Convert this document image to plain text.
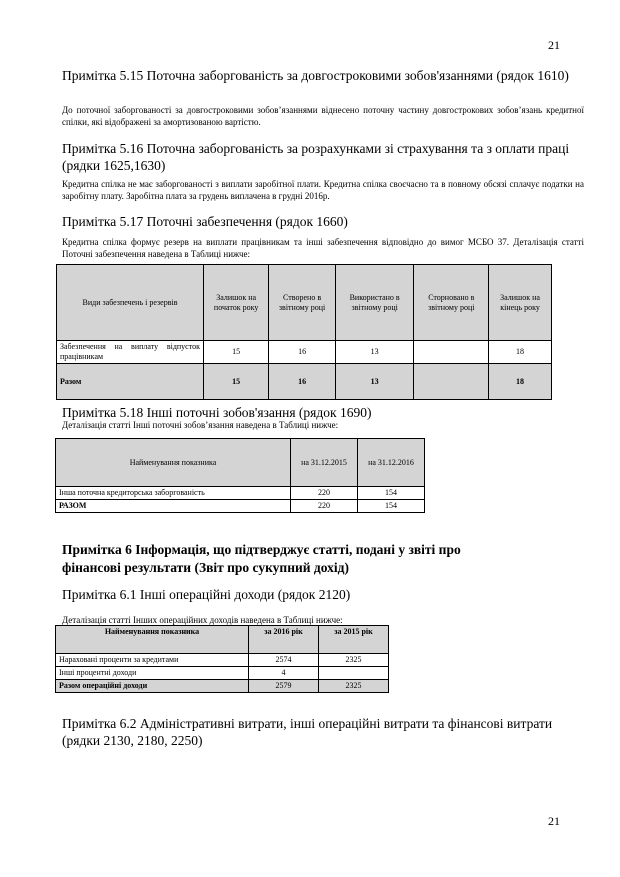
21
Примітка 5.15 Поточна заборгованість за довгостроковими зобов'язаннями (рядок 1610)
До поточної заборгованості за довгостроковими зобов’язаннями віднесено поточну частину довгострокових зобов’язань кредитної спілки, які відображені за амортизованою вартістю.
Примітка 5.16 Поточна заборгованість за розрахунками зі страхування та з оплати праці (рядки 1625,1630)
Кредитна спілка не має заборгованості з виплати заробітної плати. Кредитна спілка своєчасно та в повному обсязі сплачує податки на заробітну плату. Заробітна плата за грудень виплачена в грудні 2016р.
Примітка 5.17 Поточні забезпечення (рядок 1660)
Кредитна спілка формує резерв на виплати працівникам та інші забезпечення відповідно до вимог МСБО 37. Деталізація статті Поточні забезпечення наведена в Таблиці нижче:
Види забезпечень і резервів	Залишок на початок року	Створено в звітному році	Використано в звітному році	Сторновано в звітному році	Залишок на кінець року
Забезпечення на виплату відпусток працівникам	15	16	13		18
Разом	15	16	13		18
Примітка 5.18 Інші поточні зобов'язання (рядок 1690)
Деталізація статті Інші поточні зобов’язання наведена в Таблиці нижче:
Найменування показника	на 31.12.2015	на 31.12.2016
Інша поточна кредиторська заборгованість	220	154
РАЗОМ	220	154
Примітка 6 Інформація, що підтверджує статті, подані у звіті про фінансові результати (Звіт про сукупний дохід)
Примітка 6.1 Інші операційні доходи (рядок 2120)
Деталізація статті Інших операційних доходів наведена в Таблиці нижче:
Найменування показника	за 2016 рік	за 2015 рік
Нараховані проценти за кредитами	2574	2325
Інші процентні доходи	4	
Разом операційні доходи	2579	2325
Примітка 6.2 Адміністративні витрати, інші операційні витрати та фінансові витрати (рядки 2130, 2180, 2250)
21
